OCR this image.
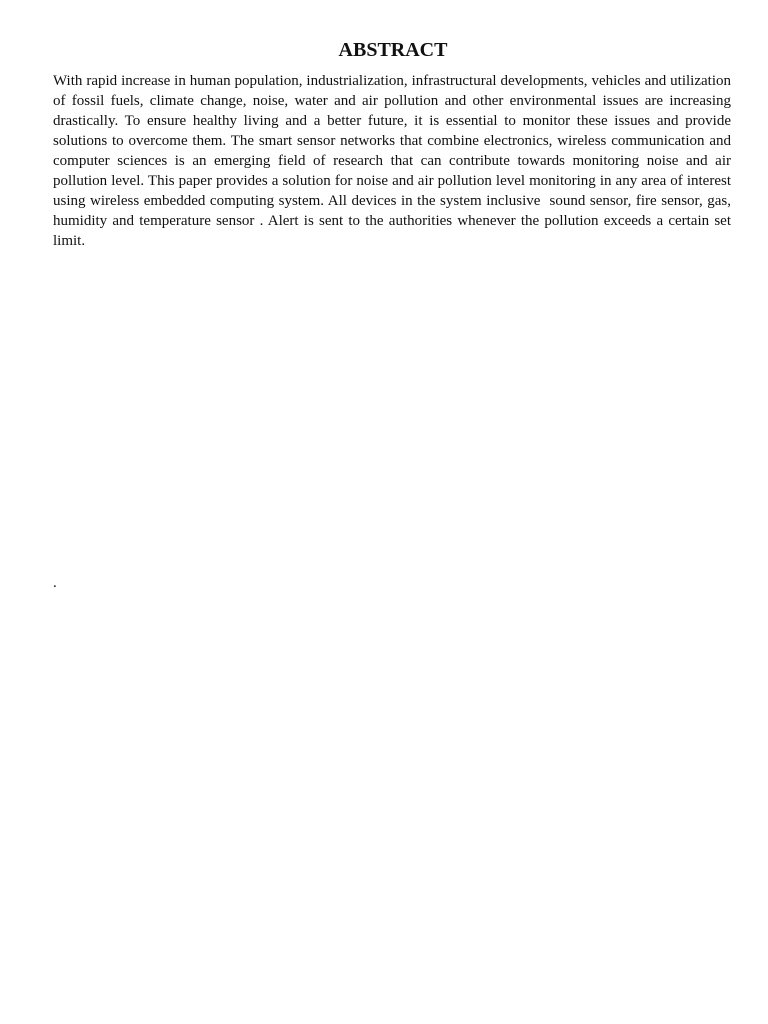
ABSTRACT

With rapid increase in human population, industrialization, infrastructural developments, vehicles and utilization of fossil fuels, climate change, noise, water and air pollution and other environmental issues are increasing drastically. To ensure healthy living and a better future, it is essential to monitor these issues and provide solutions to overcome them. The smart sensor networks that combine electronics, wireless communication and computer sciences is an emerging field of research that can contribute towards monitoring noise and air pollution level. This paper provides a solution for noise and air pollution level monitoring in any area of interest using wireless embedded computing system. All devices in the system inclusive  sound sensor, fire sensor, gas, humidity and temperature sensor . Alert is sent to the authorities whenever the pollution exceeds a certain set limit.

.
